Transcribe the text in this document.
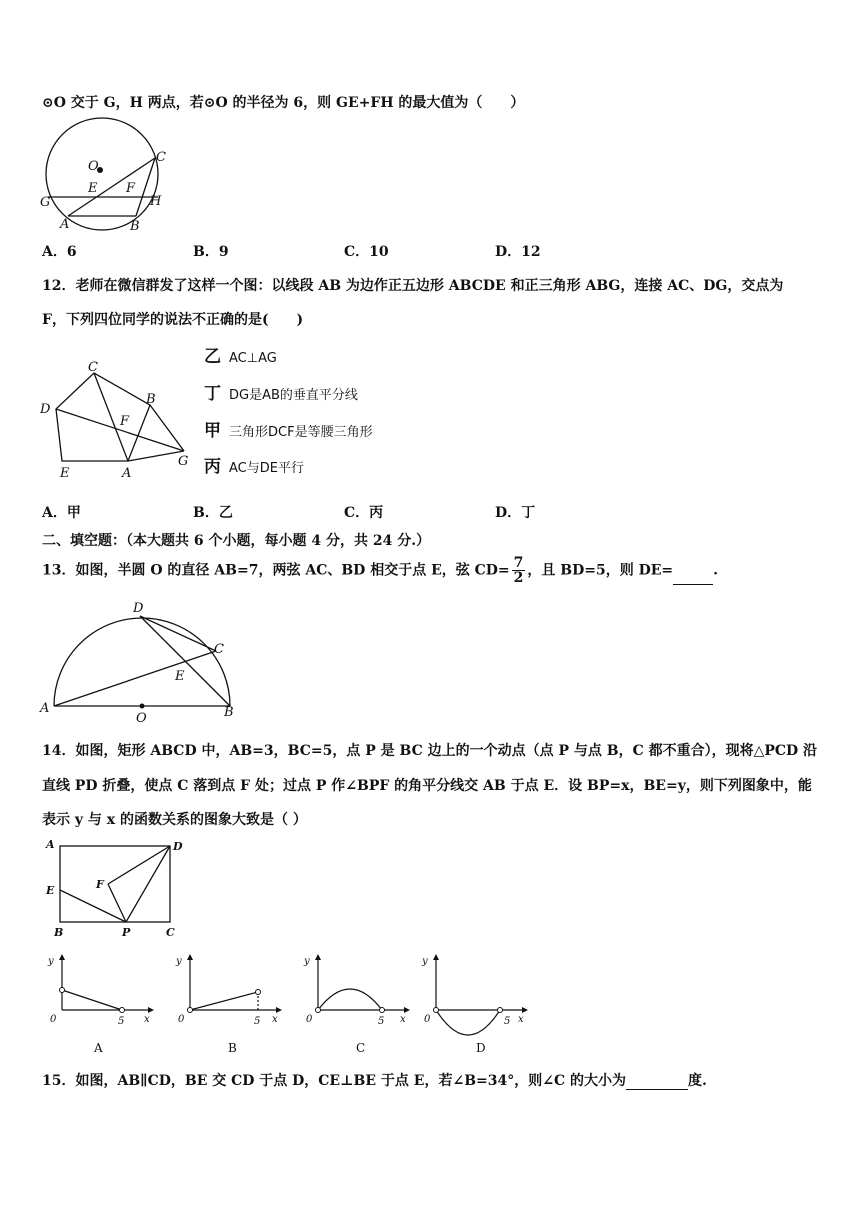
⊙O 交于 G，H 两点，若⊙O 的半径为 6，则 GE+FH 的最大值为（　　）
O
C
E F
G	H
A	B
A．6	B．9	C．10	D．12
12．老师在微信群发了这样一个图：以线段 AB 为边作正五边形 ABCDE 和正三角形 ABG，连接 AC、DG，交点为
F，下列四位同学的说法不正确的是(　　)
C
B
D
F
E	A
G
乙 AC⊥AG
丁 DG是AB的垂直平分线
甲 三角形DCF是等腰三角形
丙 AC与DE平行
A．甲	B．乙	C．丙	D．丁
二、填空题：（本大题共 6 个小题，每小题 4 分，共 24 分.）
13．如图，半圆 O 的直径 AB=7，两弦 AC、BD 相交于点 E，弦 $CD= \frac{7}{2}$ ，且 BD=5，则 DE=	.
D
C
E
A
O	B
14．如图，矩形 ABCD 中，AB=3，BC=5，点 P 是 BC 边上的一个动点（点 P 与点 B，C 都不重合），现将△PCD 沿
直线 PD 折叠，使点 C 落到点 F 处；过点 P 作∠BPF 的角平分线交 AB 于点 E．设 BP=x，BE=y，则下列图象中，能
表示 y 与 x 的函数关系的图象大致是（ ）
A	D
E	F
B	P	C
y
x
0	5
A
y
x
0	5
B
y
x
0	5
C
y
x
0	5
D
15．如图，AB∥CD，BE 交 CD 于点 D，CE⊥BE 于点 E，若∠B=34°，则∠C 的大小为	度.
